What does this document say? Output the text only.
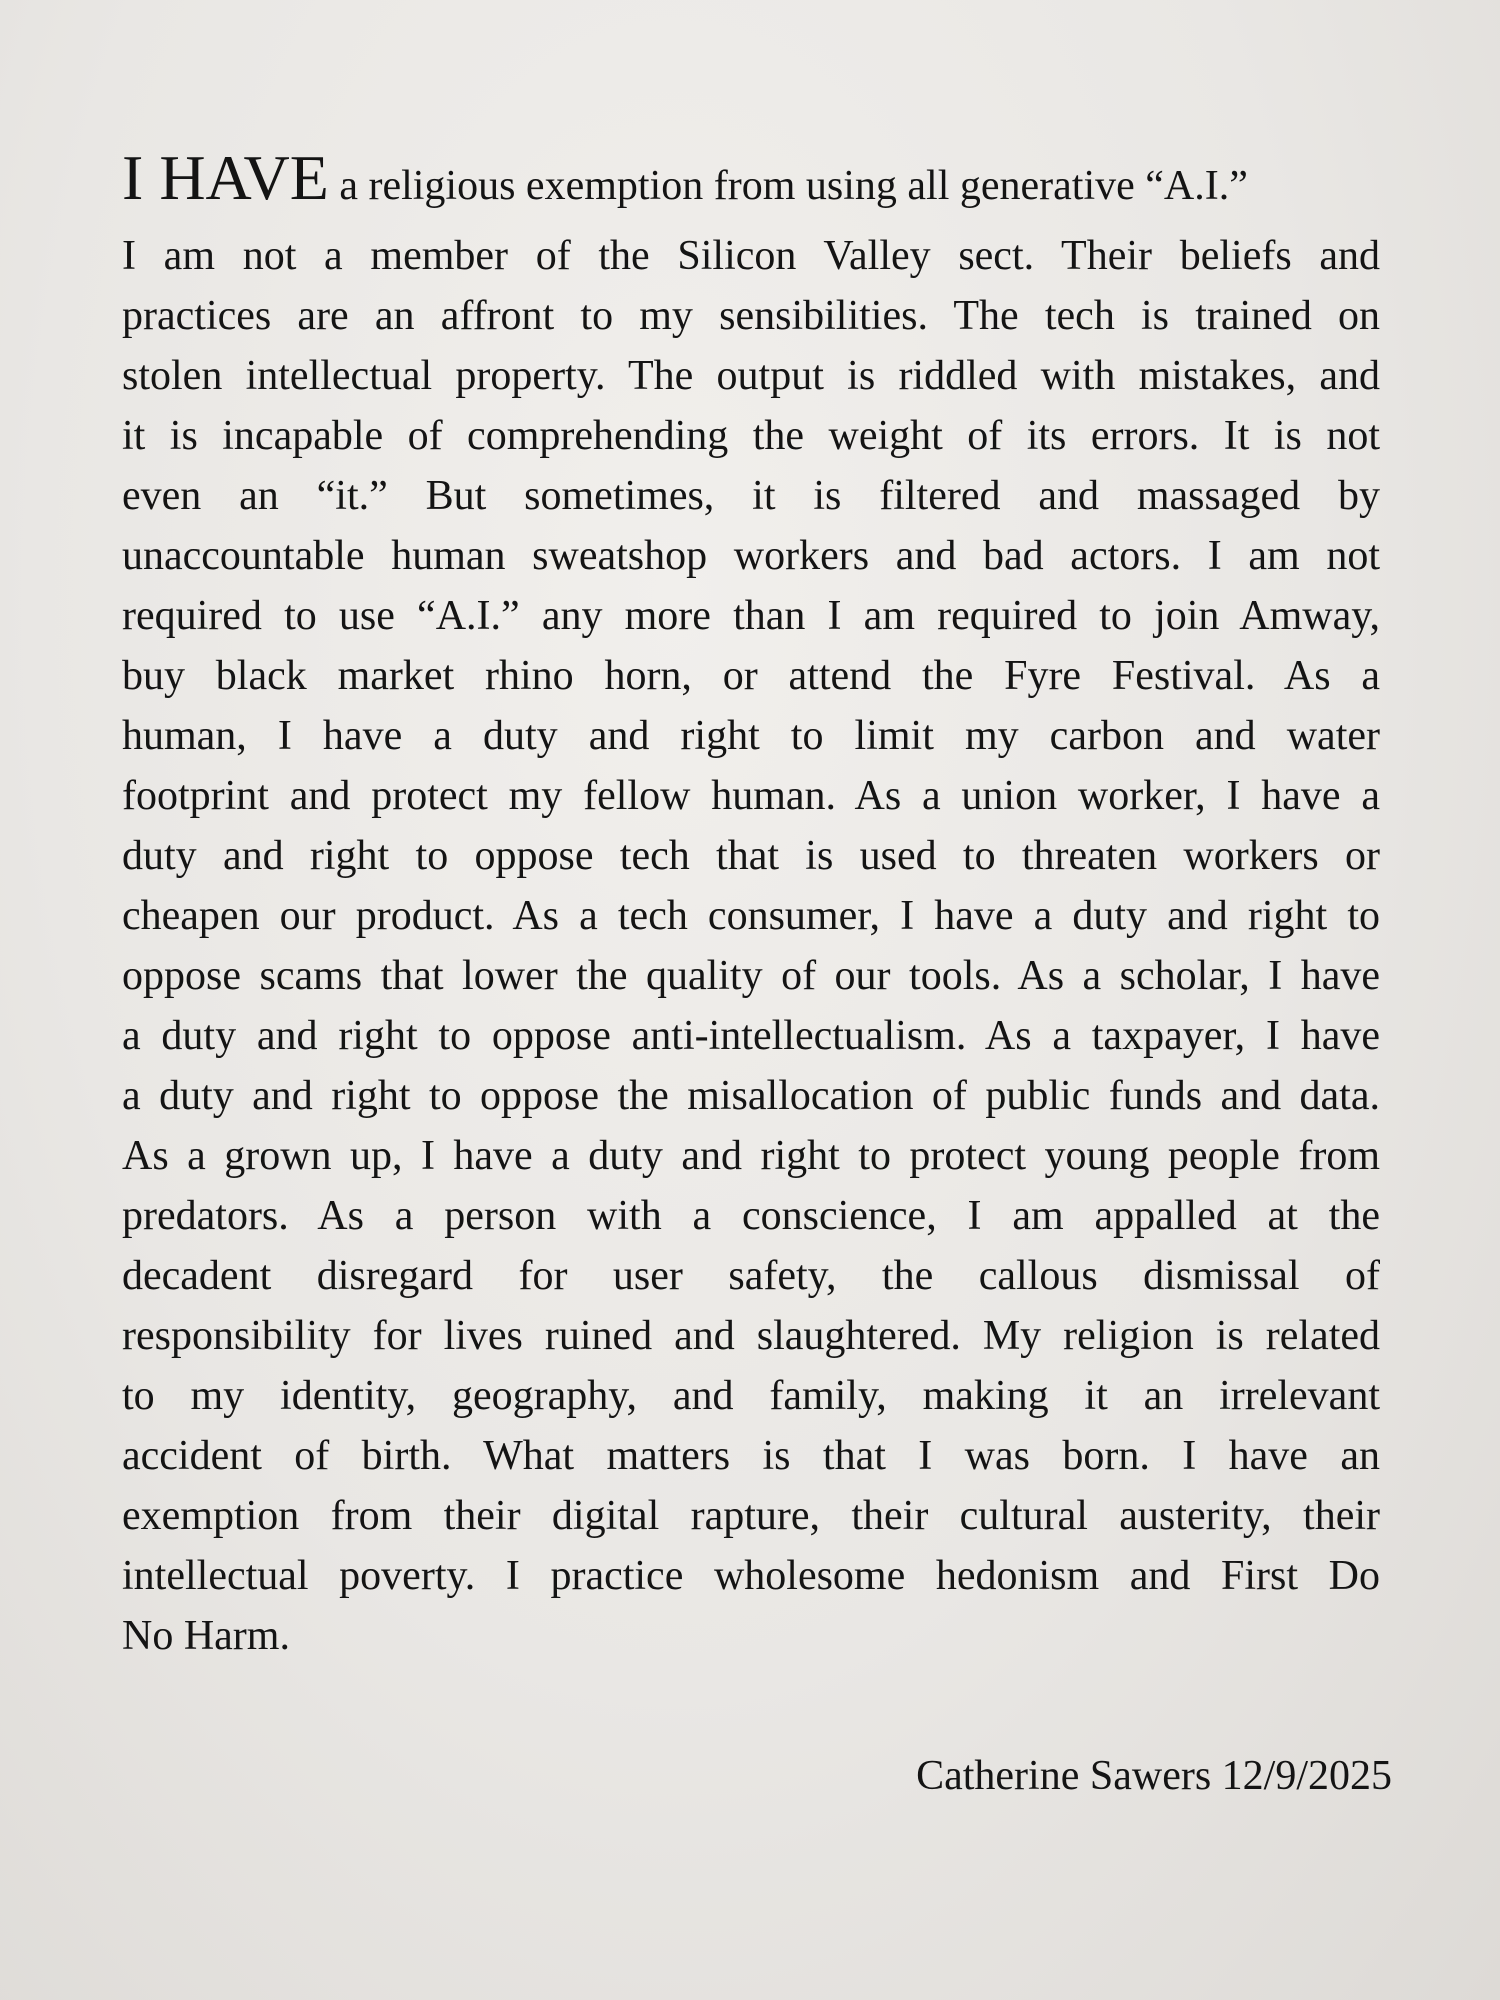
I HAVE a religious exemption from using all generative “A.I.”
I am not a member of the Silicon Valley sect. Their beliefs and
practices are an affront to my sensibilities. The tech is trained on
stolen intellectual property. The output is riddled with mistakes, and
it is incapable of comprehending the weight of its errors. It is not
even an “it.” But sometimes, it is filtered and massaged by
unaccountable human sweatshop workers and bad actors. I am not
required to use “A.I.” any more than I am required to join Amway,
buy black market rhino horn, or attend the Fyre Festival. As a
human, I have a duty and right to limit my carbon and water
footprint and protect my fellow human. As a union worker, I have a
duty and right to oppose tech that is used to threaten workers or
cheapen our product. As a tech consumer, I have a duty and right to
oppose scams that lower the quality of our tools. As a scholar, I have
a duty and right to oppose anti-intellectualism. As a taxpayer, I have
a duty and right to oppose the misallocation of public funds and data.
As a grown up, I have a duty and right to protect young people from
predators. As a person with a conscience, I am appalled at the
decadent disregard for user safety, the callous dismissal of
responsibility for lives ruined and slaughtered. My religion is related
to my identity, geography, and family, making it an irrelevant
accident of birth. What matters is that I was born. I have an
exemption from their digital rapture, their cultural austerity, their
intellectual poverty. I practice wholesome hedonism and First Do
No Harm.
Catherine Sawers 12/9/2025
